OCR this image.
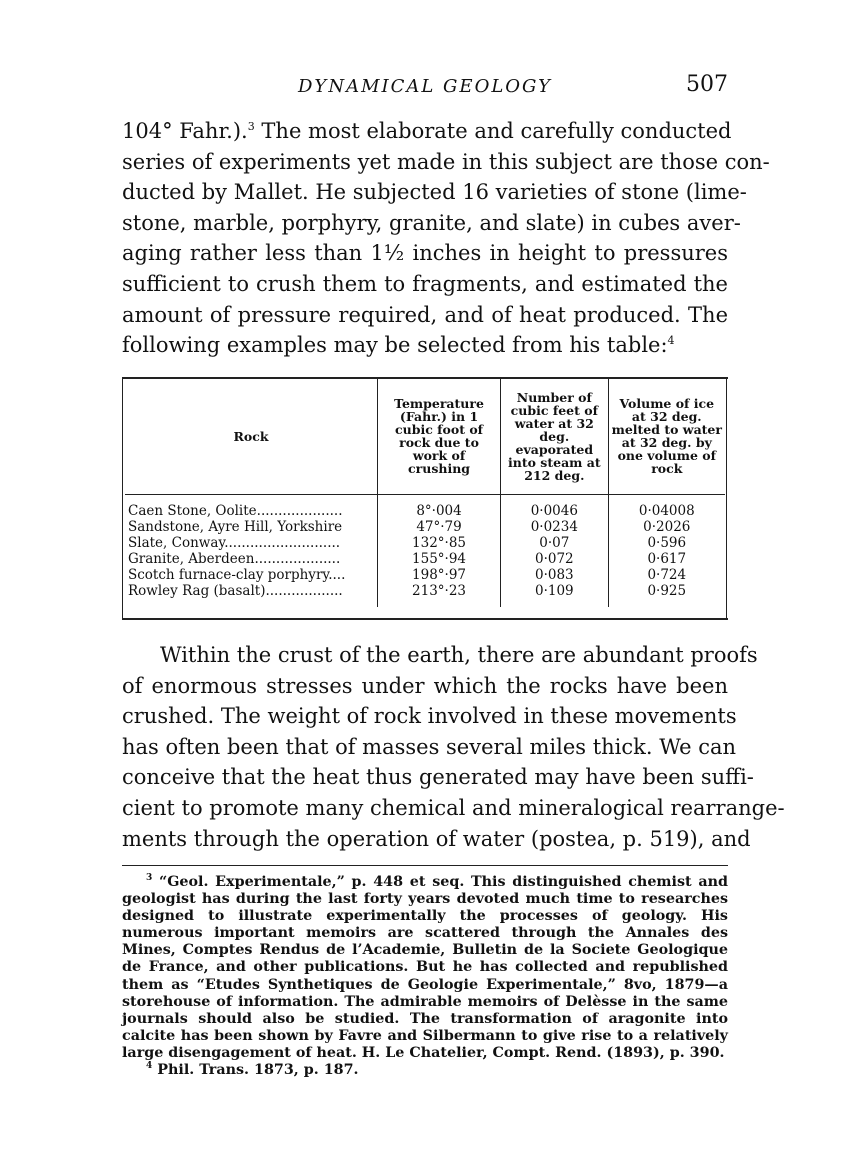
DYNAMICAL GEOLOGY	507
104° Fahr.).$^3$ The most elaborate and carefully conducted
series of experiments yet made in this subject are those con-
ducted by Mallet. He subjected 16 varieties of stone (lime-
stone, marble, porphyry, granite, and slate) in cubes aver-
aging rather less than 1½ inches in height to pressures
sufficient to crush them to fragments, and estimated the
amount of pressure required, and of heat produced. The
following examples may be selected from his table:$^4$
Rock	Temperature (Fahr.) in 1 cubic foot of rock due to work of crushing	Number of cubic feet of water at 32 deg. evaporated into steam at 212 deg.	Volume of ice at 32 deg. melted to water at 32 deg. by one volume of rock
Caen Stone, Oolite....................	8°·004	0·0046	0·04008
Sandstone, Ayre Hill, Yorkshire	47°·79	0·0234	0·2026
Slate, Conway...........................	132°·85	0·07	0·596
Granite, Aberdeen....................	155°·94	0·072	0·617
Scotch furnace-clay porphyry....	198°·97	0·083	0·724
Rowley Rag (basalt)..................	213°·23	0·109	0·925
Within the crust of the earth, there are abundant proofs
of enormous stresses under which the rocks have been
crushed. The weight of rock involved in these movements
has often been that of masses several miles thick. We can
conceive that the heat thus generated may have been suffi-
cient to promote many chemical and mineralogical rearrange-
ments through the operation of water (postea, p. 519), and

$^3$ “Geol. Experimentale,” p. 448 et seq. This distinguished chemist and geologist has during the last forty years devoted much time to researches designed to illustrate experimentally the processes of geology. His numerous important memoirs are scattered through the Annales des Mines, Comptes Rendus de l’Academie, Bulletin de la Societe Geologique de France, and other publications. But he has collected and republished them as “Etudes Synthetiques de Geologie Experimentale,” 8vo, 1879—a storehouse of information. The admirable memoirs of Delèsse in the same journals should also be studied. The transformation of aragonite into calcite has been shown by Favre and Silbermann to give rise to a relatively large disengagement of heat. H. Le Chatelier, Compt. Rend. (1893), p. 390.

$^4$ Phil. Trans. 1873, p. 187.
